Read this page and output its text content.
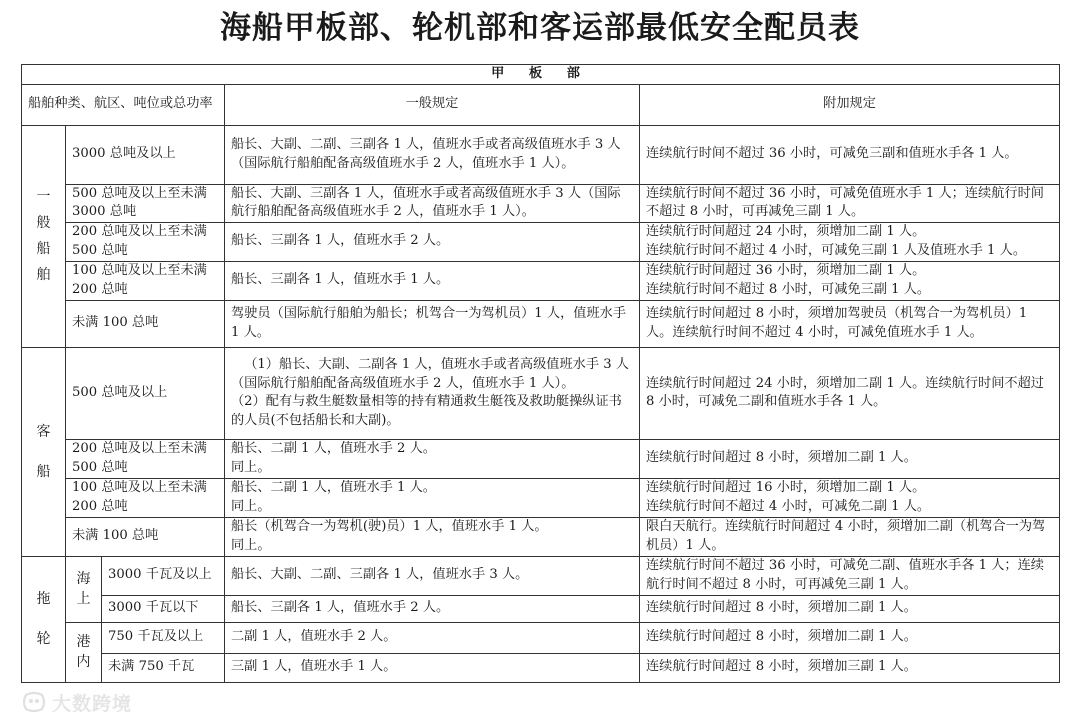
海船甲板部、轮机部和客运部最低安全配员表
甲 板 部				
船舶种类、航区、吨位或总功率			一般规定	附加规定

一般船舶	3000 总吨及以上		船长、大副、二副、三副各 1 人，值班水手或者高级值班水手 3 人（国际航行船舶配备高级值班水手 2 人，值班水手 1 人）。	连续航行时间不超过 36 小时，可减免三副和值班水手各 1 人。
	500 总吨及以上至未满 3000 总吨		船长、大副、三副各 1 人，值班水手或者高级值班水手 3 人（国际航行船舶配备高级值班水手 2 人，值班水手 1 人）。	连续航行时间不超过 36 小时，可减免值班水手 1 人；连续航行时间不超过 8 小时，可再减免三副 1 人。
	200 总吨及以上至未满 500 总吨		船长、三副各 1 人，值班水手 2 人。	连续航行时间超过 24 小时，须增加二副 1 人。
连续航行时间不超过 4 小时，可减免三副 1 人及值班水手 1 人。
	100 总吨及以上至未满 200 总吨		船长、三副各 1 人，值班水手 1 人。	连续航行时间超过 36 小时，须增加二副 1 人。
连续航行时间不超过 8 小时，可减免三副 1 人。
	未满 100 总吨		驾驶员（国际航行船舶为船长；机驾合一为驾机员）1 人，值班水手 1 人。	连续航行时间超过 8 小时，须增加驾驶员（机驾合一为驾机员）1 人。连续航行时间不超过 4 小时，可减免值班水手 1 人。

客船	500 总吨及以上		（1）船长、大副、二副各 1 人，值班水手或者高级值班水手 3 人（国际航行船舶配备高级值班水手 2 人，值班水手 1 人）。
（2）配有与救生艇数量相等的持有精通救生艇筏及救助艇操纵证书的人员(不包括船长和大副)。	连续航行时间超过 24 小时，须增加二副 1 人。连续航行时间不超过 8 小时，可减免二副和值班水手各 1 人。
	200 总吨及以上至未满 500 总吨		船长、二副 1 人，值班水手 2 人。
同上。	连续航行时间超过 8 小时，须增加二副 1 人。
	100 总吨及以上至未满 200 总吨		船长、二副 1 人，值班水手 1 人。
同上。	连续航行时间超过 16 小时，须增加二副 1 人。
连续航行时间不超过 4 小时，可减免二副 1 人。
	未满 100 总吨		船长（机驾合一为驾机(驶)员）1 人，值班水手 1 人。
同上。	限白天航行。连续航行时间超过 4 小时，须增加二副（机驾合一为驾机员）1 人。

拖轮	海上	3000 千瓦及以上	船长、大副、二副、三副各 1 人，值班水手 3 人。	连续航行时间不超过 36 小时，可减免二副、值班水手各 1 人；连续航行时间不超过 8 小时，可再减免三副 1 人。
		3000 千瓦以下	船长、三副各 1 人，值班水手 2 人。	连续航行时间超过 8 小时，须增加二副 1 人。

	港内	750 千瓦及以上	二副 1 人，值班水手 2 人。	连续航行时间超过 8 小时，须增加二副 1 人。
		未满 750 千瓦	三副 1 人，值班水手 1 人。	连续航行时间超过 8 小时，须增加三副 1 人。
大数跨境
